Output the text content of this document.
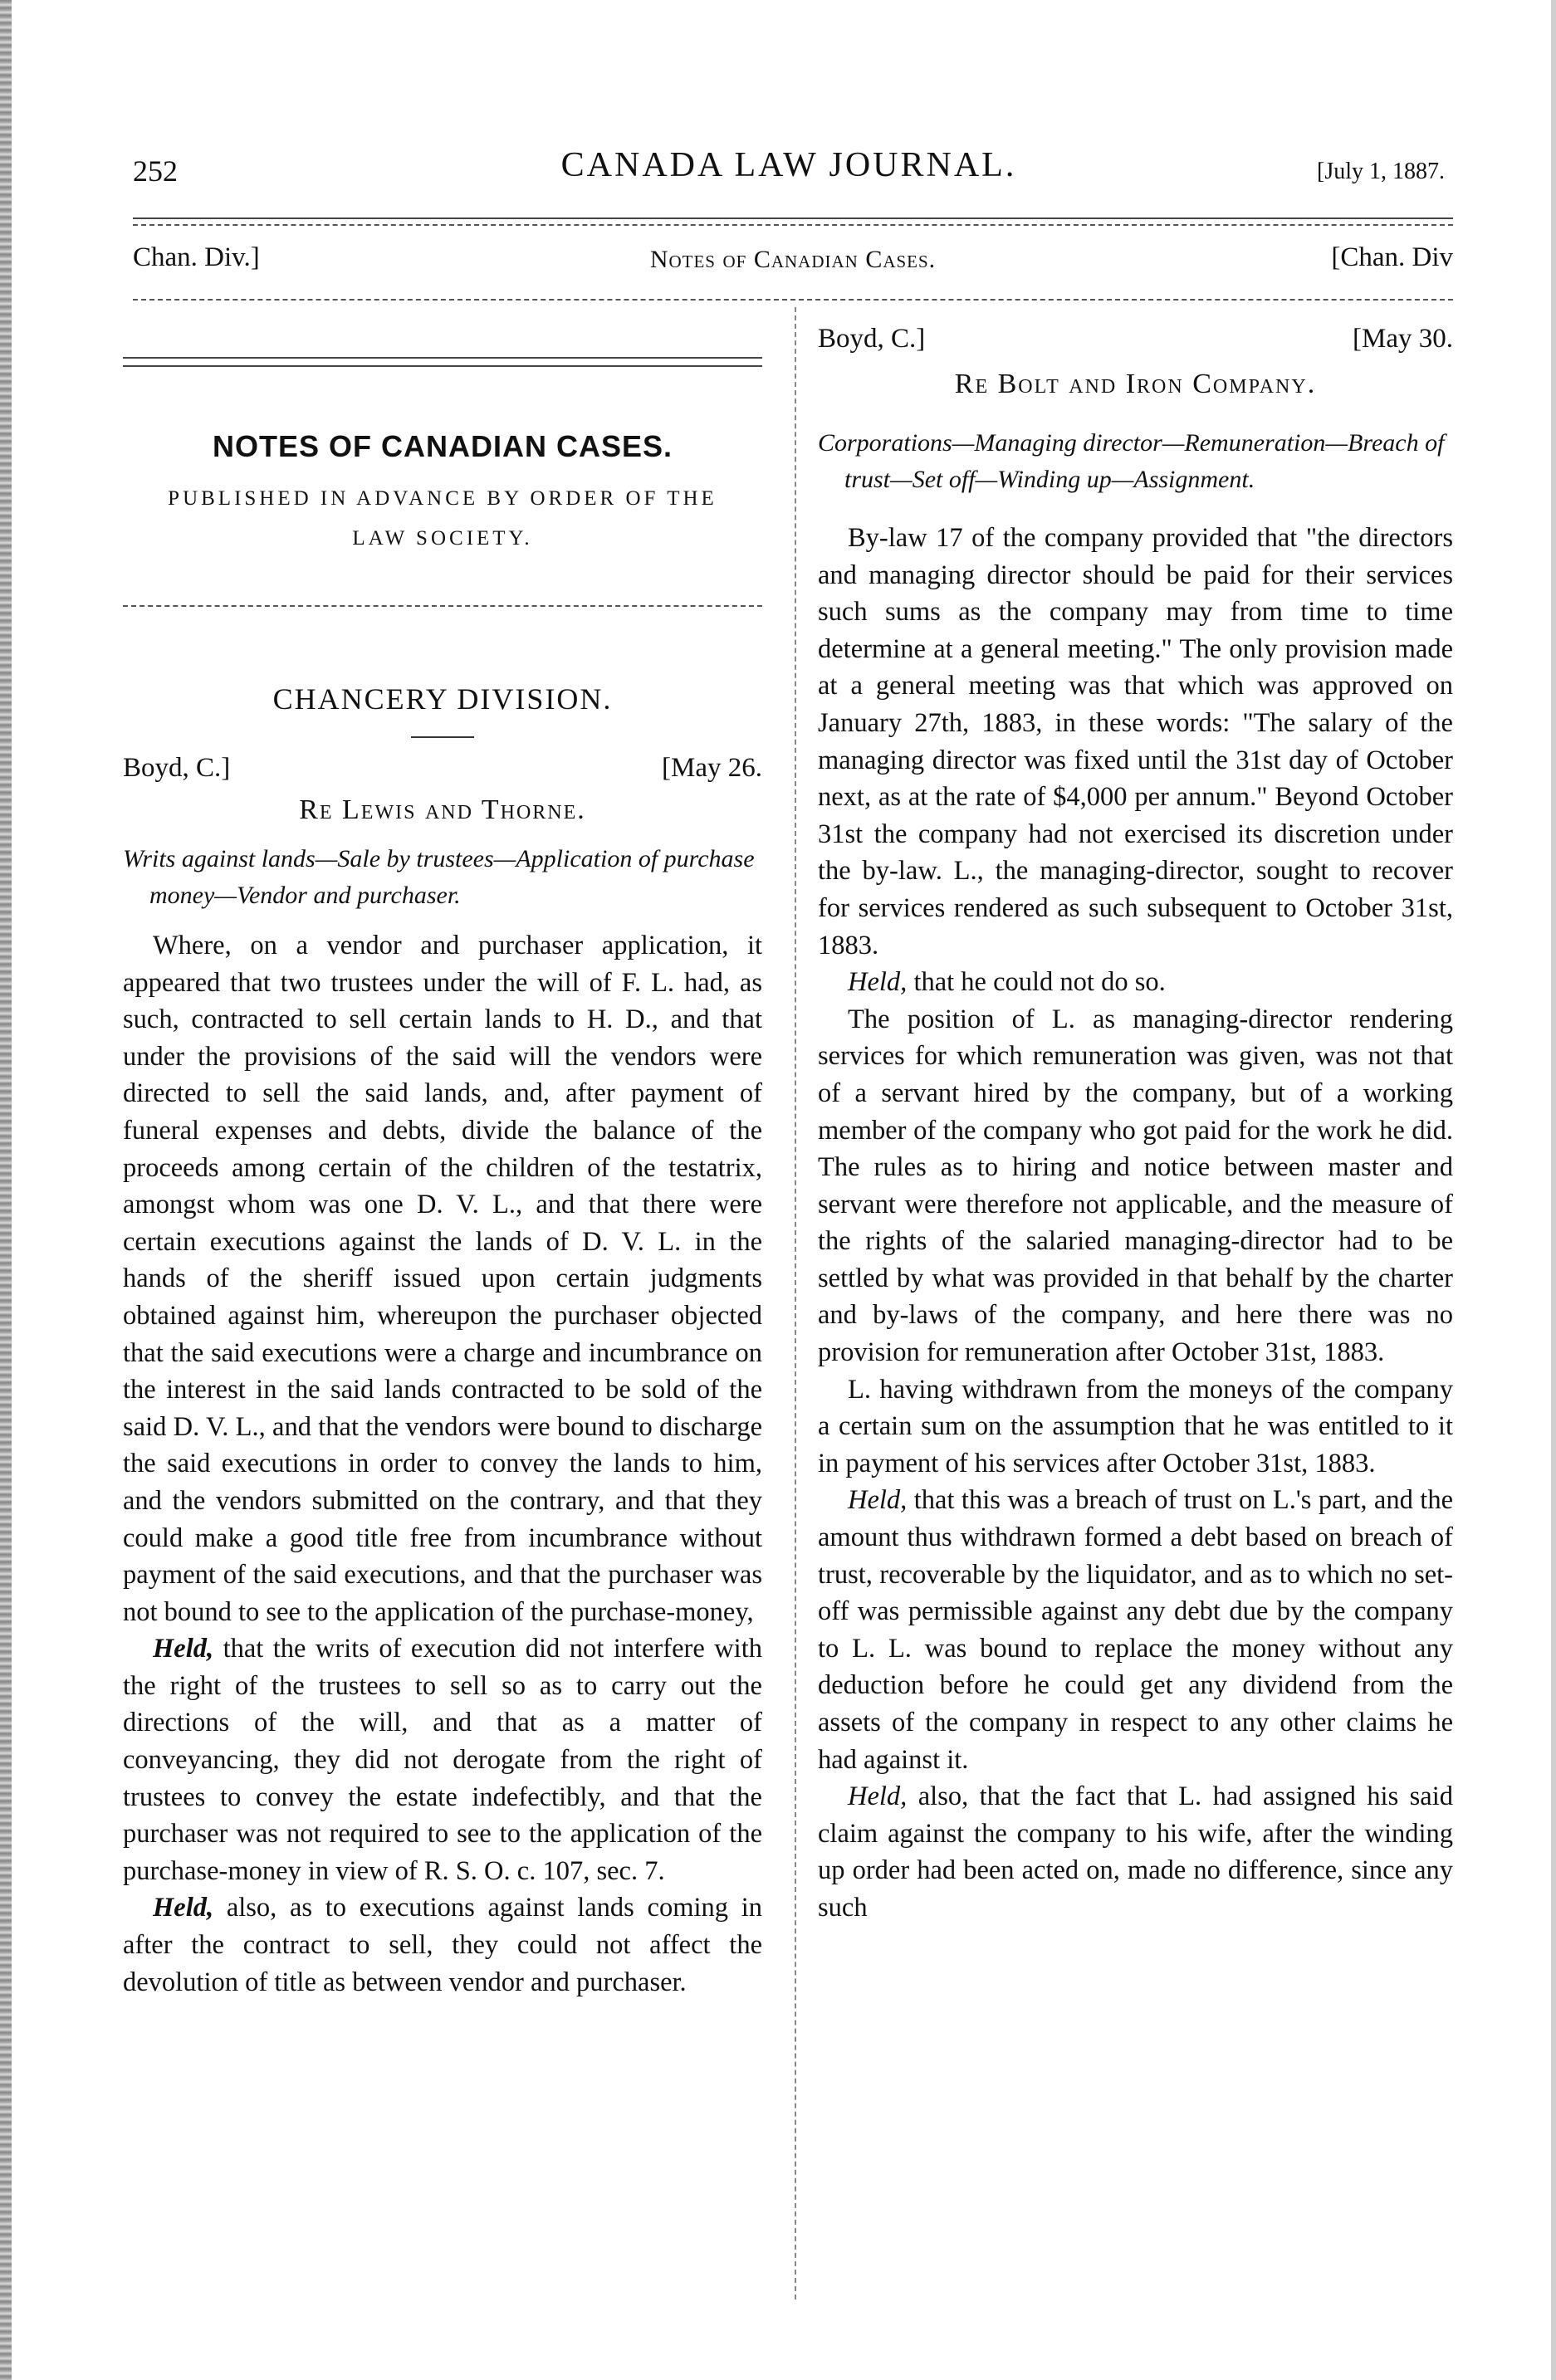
252	CANADA LAW JOURNAL.	[July 1, 1887.
Chan. Div.]	Notes of Canadian Cases.	[Chan. Div
NOTES OF CANADIAN CASES.
PUBLISHED IN ADVANCE BY ORDER OF THE LAW SOCIETY.
CHANCERY DIVISION.
Boyd, C.]	[May 26.
Re Lewis and Thorne.
Writs against lands—Sale by trustees—Application of purchase money—Vendor and purchaser.

Where, on a vendor and purchaser application, it appeared that two trustees under the will of F. L. had, as such, contracted to sell certain lands to H. D., and that under the provisions of the said will the vendors were directed to sell the said lands, and, after payment of funeral expenses and debts, divide the balance of the proceeds among certain of the children of the testatrix, amongst whom was one D. V. L., and that there were certain executions against the lands of D. V. L. in the hands of the sheriff issued upon certain judgments obtained against him, whereupon the purchaser objected that the said executions were a charge and incumbrance on the interest in the said lands contracted to be sold of the said D. V. L., and that the vendors were bound to discharge the said executions in order to convey the lands to him, and the vendors submitted on the contrary, and that they could make a good title free from incumbrance without payment of the said executions, and that the purchaser was not bound to see to the application of the purchase-money,

Held, that the writs of execution did not interfere with the right of the trustees to sell so as to carry out the directions of the will, and that as a matter of conveyancing, they did not derogate from the right of trustees to convey the estate indefectibly, and that the purchaser was not required to see to the application of the purchase-money in view of R. S. O. c. 107, sec. 7.

Held, also, as to executions against lands coming in after the contract to sell, they could not affect the devolution of title as between vendor and purchaser.

Boyd, C.]	[May 30.
Re Bolt and Iron Company.
Corporations—Managing director—Remuneration—Breach of trust—Set off—Winding up—Assignment.

By-law 17 of the company provided that "the directors and managing director should be paid for their services such sums as the company may from time to time determine at a general meeting." The only provision made at a general meeting was that which was approved on January 27th, 1883, in these words: "The salary of the managing director was fixed until the 31st day of October next, as at the rate of $4,000 per annum." Beyond October 31st the company had not exercised its discretion under the by-law. L., the managing-director, sought to recover for services rendered as such subsequent to October 31st, 1883.

Held, that he could not do so.

The position of L. as managing-director rendering services for which remuneration was given, was not that of a servant hired by the company, but of a working member of the company who got paid for the work he did. The rules as to hiring and notice between master and servant were therefore not applicable, and the measure of the rights of the salaried managing-director had to be settled by what was provided in that behalf by the charter and by-laws of the company, and here there was no provision for remuneration after October 31st, 1883.

L. having withdrawn from the moneys of the company a certain sum on the assumption that he was entitled to it in payment of his services after October 31st, 1883.

Held, that this was a breach of trust on L.'s part, and the amount thus withdrawn formed a debt based on breach of trust, recoverable by the liquidator, and as to which no set-off was permissible against any debt due by the company to L. L. was bound to replace the money without any deduction before he could get any dividend from the assets of the company in respect to any other claims he had against it.

Held, also, that the fact that L. had assigned his said claim against the company to his wife, after the winding up order had been acted on, made no difference, since any such
